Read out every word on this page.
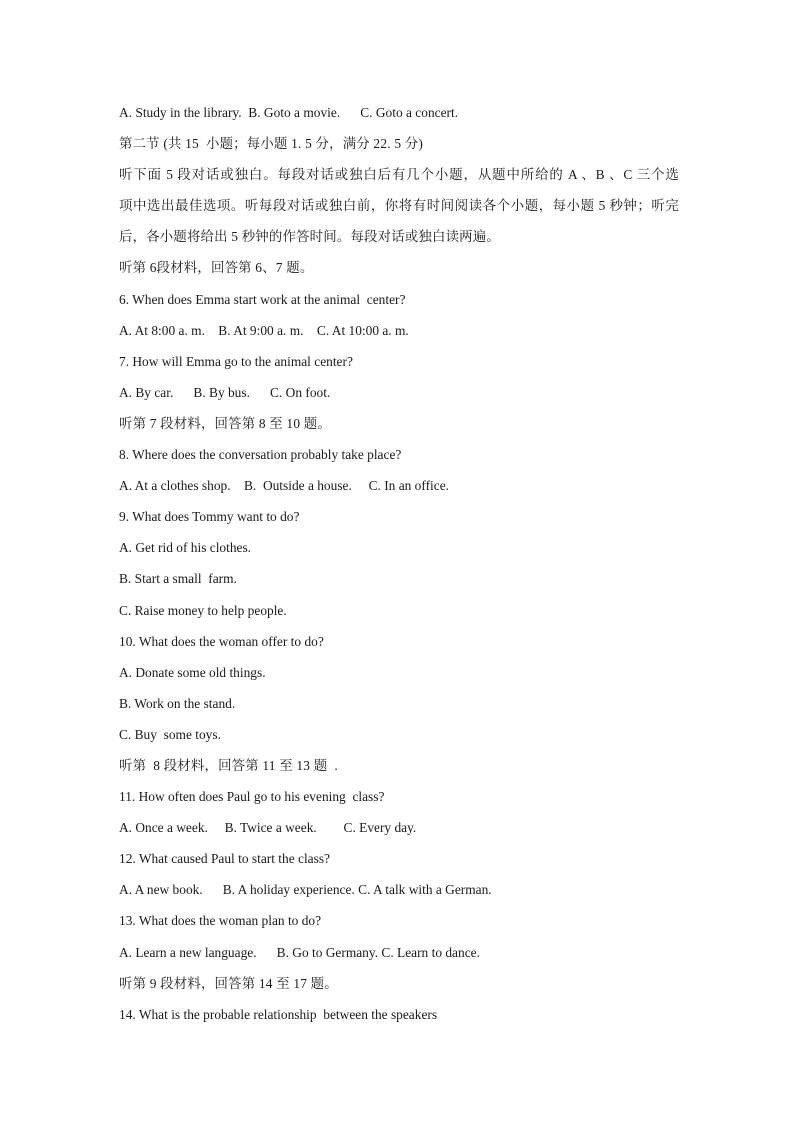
A. Study in the library.  B. Goto a movie.      C. Goto a concert.
第二节 (共 15  小题；每小题 1. 5 分，满分 22. 5 分)
听下面 5 段对话或独白。每段对话或独白后有几个小题，从题中所给的 A 、B 、C 三个选
项中选出最佳选项。听每段对话或独白前，你将有时间阅读各个小题，每小题 5 秒钟；听完
后，各小题将给出 5 秒钟的作答时间。每段对话或独白读两遍。
听第 6段材料，回答第 6、7 题。
6. When does Emma start work at the animal  center?
A. At 8:00 a. m.    B. At 9:00 a. m.    C. At 10:00 a. m.
7. How will Emma go to the animal center?
A. By car.      B. By bus.      C. On foot.
听第 7 段材料，回答第 8 至 10 题。
8. Where does the conversation probably take place?
A. At a clothes shop.    B.  Outside a house.     C. In an office.
9. What does Tommy want to do?
A. Get rid of his clothes.
B. Start a small  farm.
C. Raise money to help people.
10. What does the woman offer to do?
A. Donate some old things.
B. Work on the stand.
C. Buy  some toys.
听第  8 段材料，回答第 11 至 13 题  .
11. How often does Paul go to his evening  class?
A. Once a week.     B. Twice a week.        C. Every day.
12. What caused Paul to start the class?
A. A new book.      B. A holiday experience. C. A talk with a German.
13. What does the woman plan to do?
A. Learn a new language.      B. Go to Germany. C. Learn to dance.
听第 9 段材料，回答第 14 至 17 题。
14. What is the probable relationship  between the speakers
